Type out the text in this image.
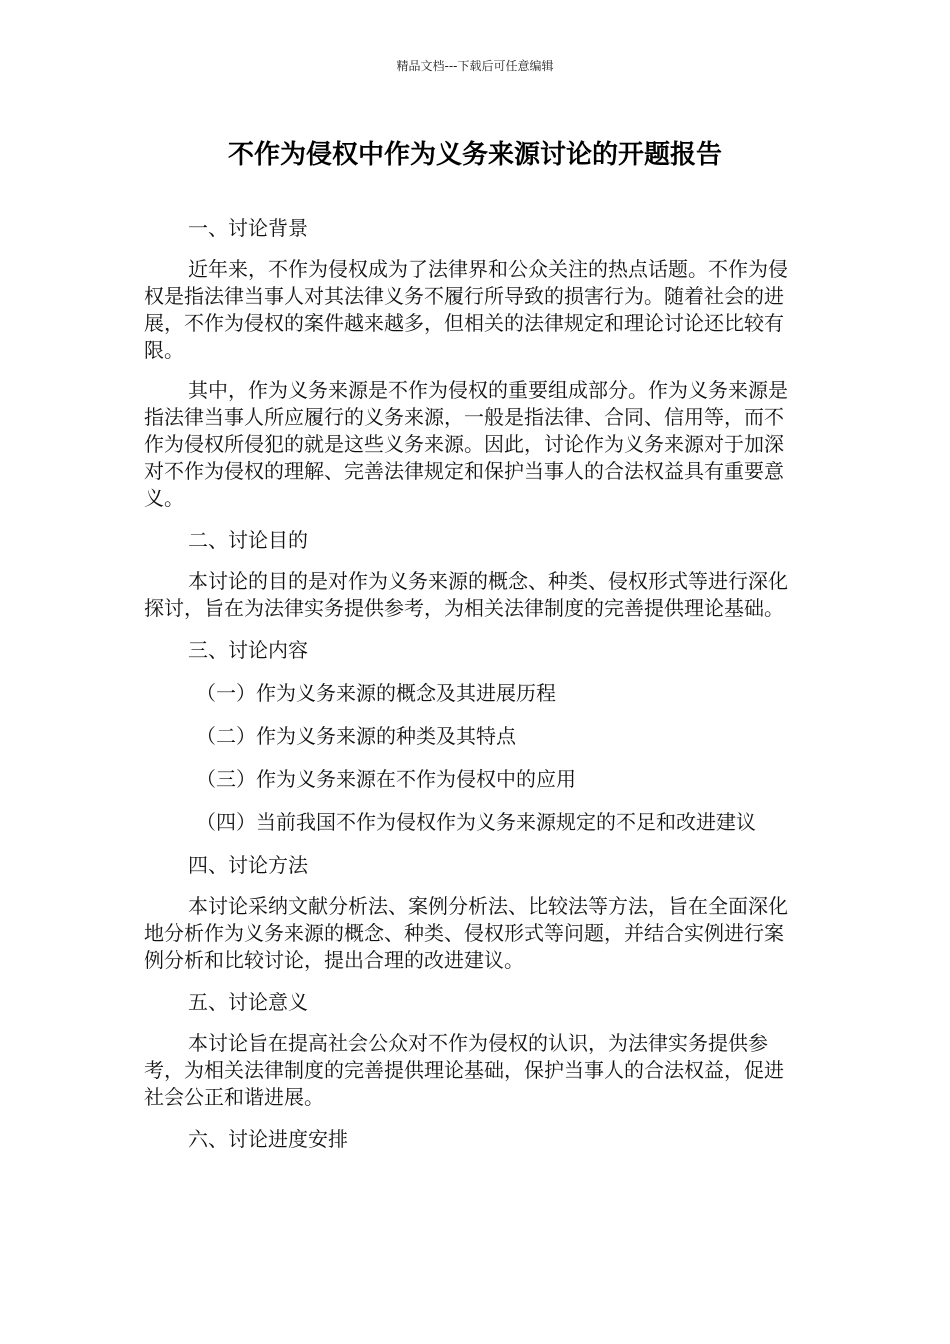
精品文档---下载后可任意编辑
不作为侵权中作为义务来源讨论的开题报告
一、讨论背景

近年来，不作为侵权成为了法律界和公众关注的热点话题。不作为侵权是指法律当事人对其法律义务不履行所导致的损害行为。随着社会的进展，不作为侵权的案件越来越多，但相关的法律规定和理论讨论还比较有限。

其中，作为义务来源是不作为侵权的重要组成部分。作为义务来源是指法律当事人所应履行的义务来源，一般是指法律、合同、信用等，而不作为侵权所侵犯的就是这些义务来源。因此，讨论作为义务来源对于加深对不作为侵权的理解、完善法律规定和保护当事人的合法权益具有重要意义。

二、讨论目的

本讨论的目的是对作为义务来源的概念、种类、侵权形式等进行深化探讨，旨在为法律实务提供参考，为相关法律制度的完善提供理论基础。

三、讨论内容
（一）作为义务来源的概念及其进展历程
（二）作为义务来源的种类及其特点
（三）作为义务来源在不作为侵权中的应用
（四）当前我国不作为侵权作为义务来源规定的不足和改进建议
四、讨论方法

本讨论采纳文献分析法、案例分析法、比较法等方法，旨在全面深化地分析作为义务来源的概念、种类、侵权形式等问题，并结合实例进行案例分析和比较讨论，提出合理的改进建议。

五、讨论意义

本讨论旨在提高社会公众对不作为侵权的认识，为法律实务提供参考，为相关法律制度的完善提供理论基础，保护当事人的合法权益，促进社会公正和谐进展。

六、讨论进度安排
